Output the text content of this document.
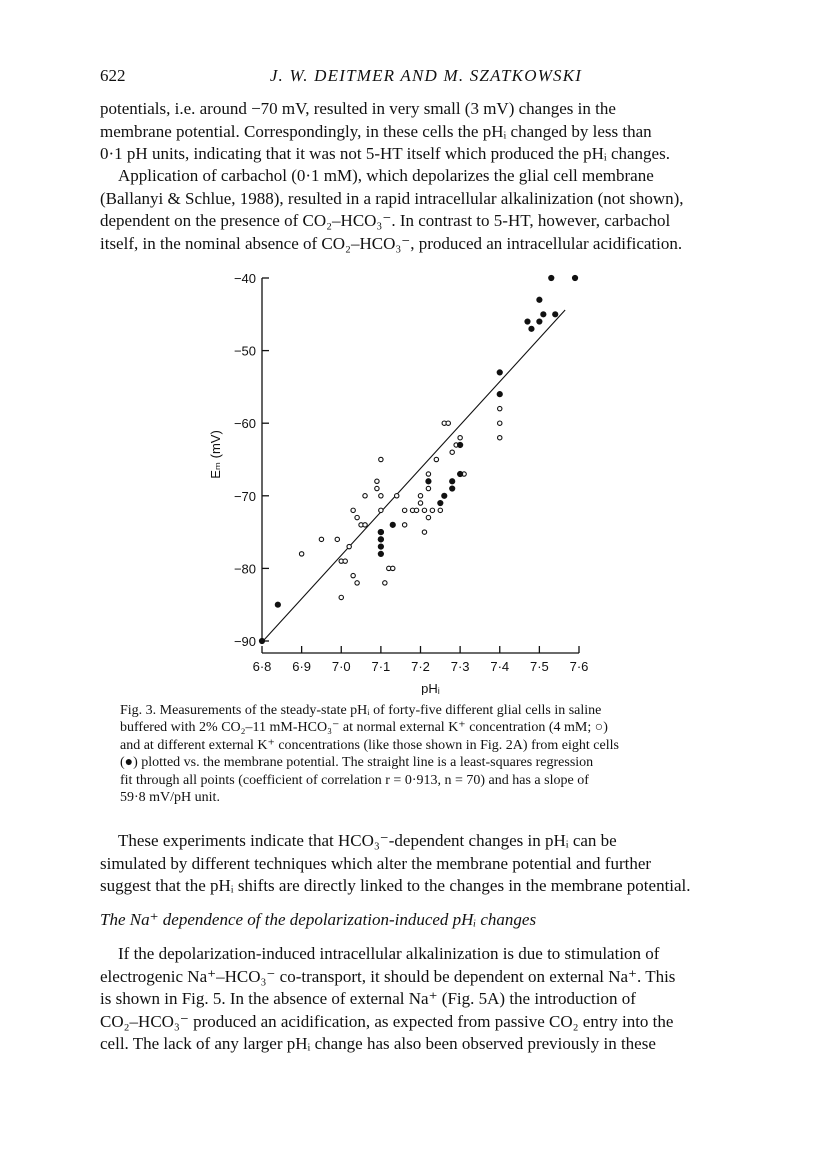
622	J. W. DEITMER AND M. SZATKOWSKI

potentials, i.e. around −70 mV, resulted in very small (3 mV) changes in the
membrane potential. Correspondingly, in these cells the pHᵢ changed by less than
0·1 pH units, indicating that it was not 5-HT itself which produced the pHᵢ changes.

Application of carbachol (0·1 mM), which depolarizes the glial cell membrane
(Ballanyi & Schlue, 1988), resulted in a rapid intracellular alkalinization (not shown),
dependent on the presence of CO₂–HCO₃⁻. In contrast to 5-HT, however, carbachol
itself, in the nominal absence of CO₂–HCO₃⁻, produced an intracellular acidification.

−40
−50
−60
−70
−80
−90
6·8 6·9 7·0 7·1 7·2 7·3 7·4 7·5 7·6
pHᵢ
Eₘ (mV)

Fig. 3. Measurements of the steady-state pHᵢ of forty-five different glial cells in saline
buffered with 2% CO₂–11 mM-HCO₃⁻ at normal external K⁺ concentration (4 mM; ○)
and at different external K⁺ concentrations (like those shown in Fig. 2A) from eight cells
(●) plotted vs. the membrane potential. The straight line is a least-squares regression
fit through all points (coefficient of correlation r = 0·913, n = 70) and has a slope of
59·8 mV/pH unit.

These experiments indicate that HCO₃⁻-dependent changes in pHᵢ can be
simulated by different techniques which alter the membrane potential and further
suggest that the pHᵢ shifts are directly linked to the changes in the membrane potential.

The Na⁺ dependence of the depolarization-induced pHᵢ changes

If the depolarization-induced intracellular alkalinization is due to stimulation of
electrogenic Na⁺–HCO₃⁻ co-transport, it should be dependent on external Na⁺. This
is shown in Fig. 5. In the absence of external Na⁺ (Fig. 5A) the introduction of
CO₂–HCO₃⁻ produced an acidification, as expected from passive CO₂ entry into the
cell. The lack of any larger pHᵢ change has also been observed previously in these
